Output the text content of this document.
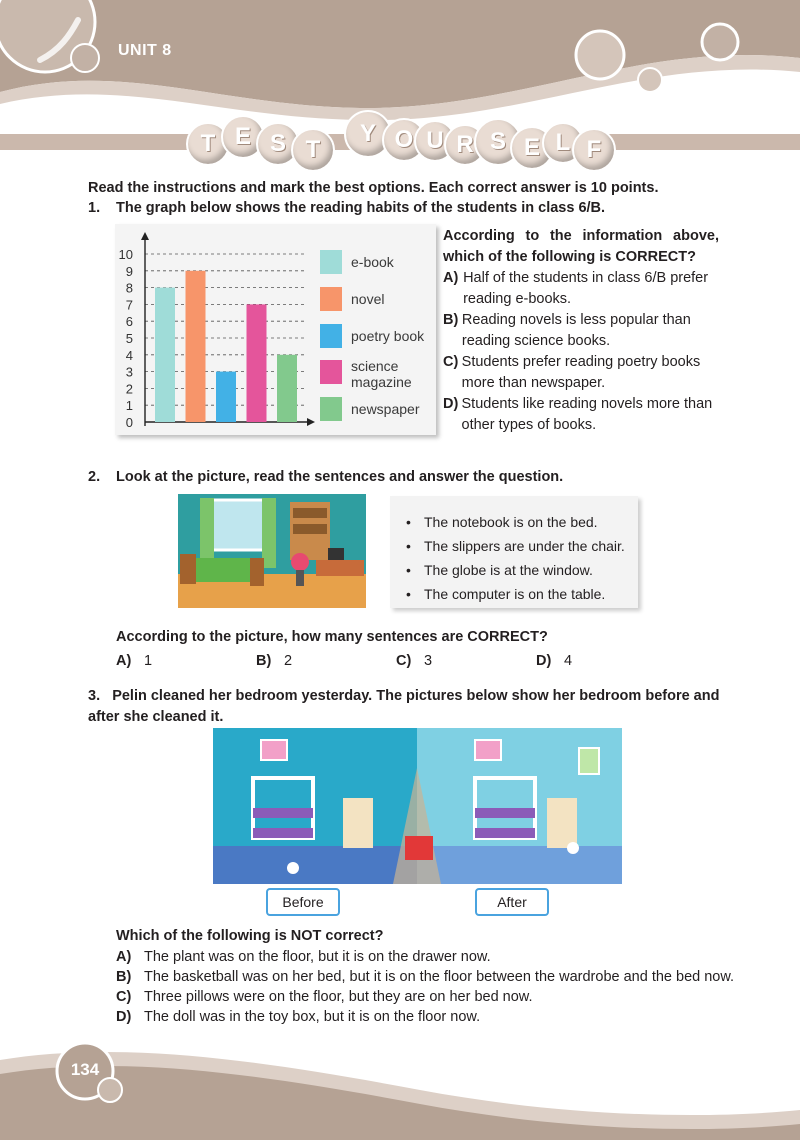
UNIT 8
T E S T
Y O U R S E L F
Read the instructions and mark the best options. Each correct answer is 10 points.
1. The graph below shows the reading habits of the students in class 6/B.
0
1
2
3
4
5
6
7
8
9
10	e-book
novel
poetry book
science magazine
newspaper
According to the information above, which of the following is CORRECT?
A) Half of the students in class 6/B prefer reading e-books.
B) Reading novels is less popular than reading science books.
C) Students prefer reading poetry books more than newspaper.
D) Students like reading novels more than other types of books.
2. Look at the picture, read the sentences and answer the question.
• The notebook is on the bed.
• The slippers are under the chair.
• The globe is at the window.
• The computer is on the table.
According to the picture, how many sentences are CORRECT?
A) 1	B) 2	C) 3	D) 4
3. Pelin cleaned her bedroom yesterday. The pictures below show her bedroom before and after she cleaned it.
Before	After
Which of the following is NOT correct?
A) The plant was on the floor, but it is on the drawer now.
B) The basketball was on her bed, but it is on the floor between the wardrobe and the bed now.
C) Three pillows were on the floor, but they are on her bed now.
D) The doll was in the toy box, but it is on the floor now.
134
